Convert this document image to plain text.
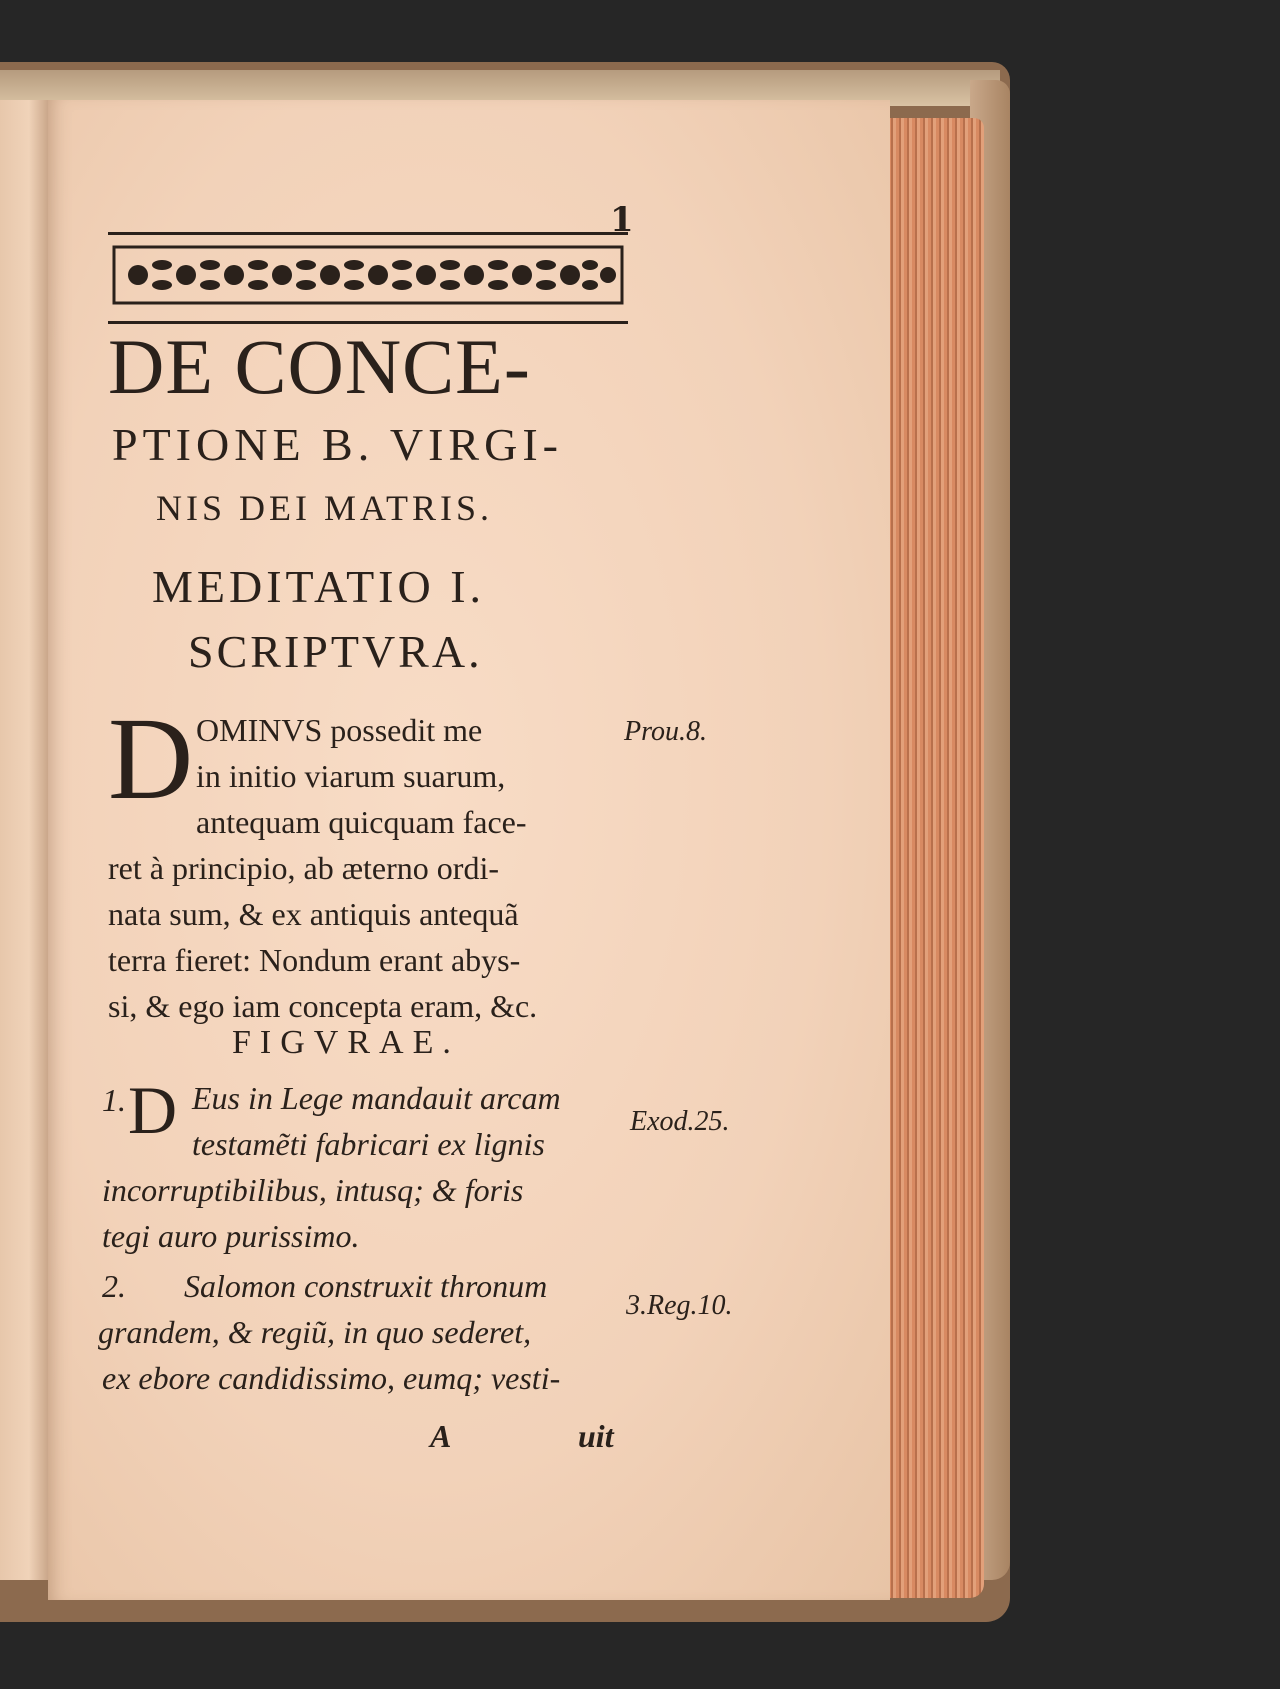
1
DE CONCE-
PTIONE B. VIRGI-
NIS DEI MATRIS.
MEDITATIO I.
SCRIPTVRA.
D OMINVS possedit me
in initio viarum suarum,
antequam quicquam face-
ret à principio, ab æterno ordi-
nata sum, & ex antiquis antequã
terra fieret: Nondum erant abys-
si, & ego iam concepta eram, &c.
Prou.8.
FIGVRAE.
1. D Eus in Lege mandauit arcam
testamẽti fabricari ex lignis
incorruptibilibus, intusq; & foris
tegi auro purissimo.
Exod.25.
2. Salomon construxit thronum
grandem, & regiũ, in quo sederet,
ex ebore candidissimo, eumq; vesti-
3.Reg.10.
A	uit
